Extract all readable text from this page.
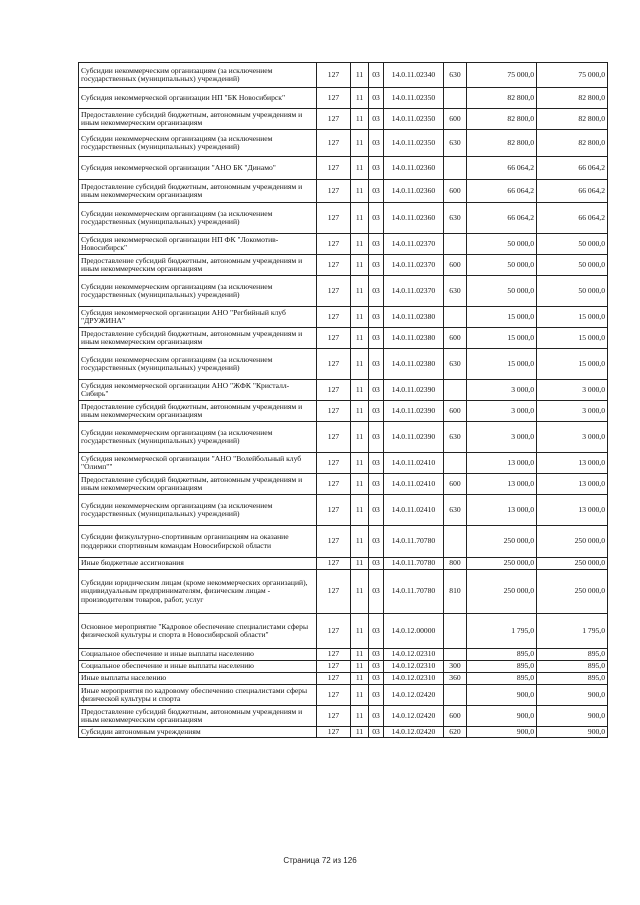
Субсидии некоммерческим организациям (за исключением государственных (муниципальных) учреждений)	127	11	03	14.0.11.02340	630	75 000,0	75 000,0
Субсидия некоммерческой организации НП "БК Новосибирск"	127	11	03	14.0.11.02350		82 800,0	82 800,0
Предоставление субсидий бюджетным, автономным учреждениям и иным некоммерческим организациям	127	11	03	14.0.11.02350	600	82 800,0	82 800,0
Субсидии некоммерческим организациям (за исключением государственных (муниципальных) учреждений)	127	11	03	14.0.11.02350	630	82 800,0	82 800,0
Субсидия некоммерческой организации "АНО БК "Динамо"	127	11	03	14.0.11.02360		66 064,2	66 064,2
Предоставление субсидий бюджетным, автономным учреждениям и иным некоммерческим организациям	127	11	03	14.0.11.02360	600	66 064,2	66 064,2
Субсидии некоммерческим организациям (за исключением государственных (муниципальных) учреждений)	127	11	03	14.0.11.02360	630	66 064,2	66 064,2
Субсидия некоммерческой организации НП ФК "Локомотив-Новосибирск"	127	11	03	14.0.11.02370		50 000,0	50 000,0
Предоставление субсидий бюджетным, автономным учреждениям и иным некоммерческим организациям	127	11	03	14.0.11.02370	600	50 000,0	50 000,0
Субсидии некоммерческим организациям (за исключением государственных (муниципальных) учреждений)	127	11	03	14.0.11.02370	630	50 000,0	50 000,0
Субсидия некоммерческой организации АНО "Регбийный клуб "ДРУЖИНА"	127	11	03	14.0.11.02380		15 000,0	15 000,0
Предоставление субсидий бюджетным, автономным учреждениям и иным некоммерческим организациям	127	11	03	14.0.11.02380	600	15 000,0	15 000,0
Субсидии некоммерческим организациям (за исключением государственных (муниципальных) учреждений)	127	11	03	14.0.11.02380	630	15 000,0	15 000,0
Субсидия некоммерческой организации АНО "ЖФК "Кристалл-Сибирь"	127	11	03	14.0.11.02390		3 000,0	3 000,0
Предоставление субсидий бюджетным, автономным учреждениям и иным некоммерческим организациям	127	11	03	14.0.11.02390	600	3 000,0	3 000,0
Субсидии некоммерческим организациям (за исключением государственных (муниципальных) учреждений)	127	11	03	14.0.11.02390	630	3 000,0	3 000,0
Субсидия некоммерческой организации "АНО "Волейбольный клуб "Олимп""	127	11	03	14.0.11.02410		13 000,0	13 000,0
Предоставление субсидий бюджетным, автономным учреждениям и иным некоммерческим организациям	127	11	03	14.0.11.02410	600	13 000,0	13 000,0
Субсидии некоммерческим организациям (за исключением государственных (муниципальных) учреждений)	127	11	03	14.0.11.02410	630	13 000,0	13 000,0
Субсидии физкультурно-спортивным организациям на оказание поддержки спортивным командам Новосибирской области	127	11	03	14.0.11.70780		250 000,0	250 000,0
Иные бюджетные ассигнования	127	11	03	14.0.11.70780	800	250 000,0	250 000,0
Субсидии юридическим лицам (кроме некоммерческих организаций), индивидуальным предпринимателям, физическим лицам - производителям товаров, работ, услуг	127	11	03	14.0.11.70780	810	250 000,0	250 000,0
Основное мероприятие "Кадровое обеспечение специалистами сферы физической культуры и спорта в Новосибирской области"	127	11	03	14.0.12.00000		1 795,0	1 795,0
Социальное обеспечение и иные выплаты населению	127	11	03	14.0.12.02310		895,0	895,0
Социальное обеспечение и иные выплаты населению	127	11	03	14.0.12.02310	300	895,0	895,0
Иные выплаты населению	127	11	03	14.0.12.02310	360	895,0	895,0
Иные мероприятия по кадровому обеспечению специалистами сферы физической культуры и спорта	127	11	03	14.0.12.02420		900,0	900,0
Предоставление субсидий бюджетным, автономным учреждениям и иным некоммерческим организациям	127	11	03	14.0.12.02420	600	900,0	900,0
Субсидии автономным учреждениям	127	11	03	14.0.12.02420	620	900,0	900,0
Страница 72 из 126
